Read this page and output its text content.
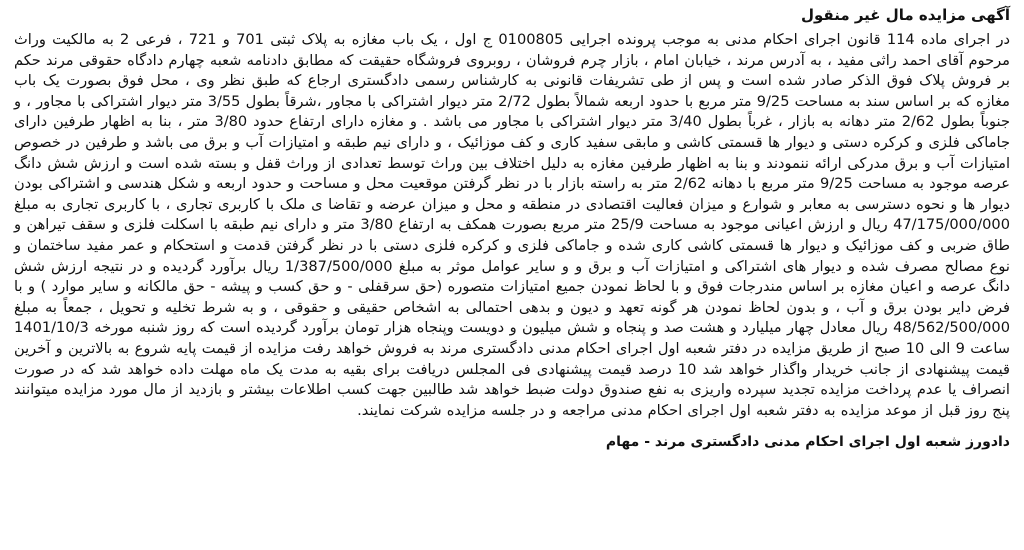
آگهی مزایده مال غیر منقول

در اجرای ماده 114 قانون اجرای احکام مدنی به موجب پرونده اجرایی 0100805 ج اول ، یک باب مغازه به پلاک ثبتی 701 و 721 ، فرعی 2 به مالکیت وراث مرحوم آقای احمد راثی مفید ، به آدرس مرند ، خیابان امام ، بازار چرم فروشان ، روبروی فروشگاه حقیقت که مطابق دادنامه شعبه چهارم دادگاه حقوقی مرند حکم بر فروش پلاک فوق الذکر صادر شده است و پس از طی تشریفات قانونی به کارشناس رسمی دادگستری ارجاع که طبق نظر وی ، محل فوق بصورت یک باب مغازه که بر اساس سند به مساحت 9/25 متر مربع با حدود اربعه شمالاً بطول 2/72 متر دیوار اشتراکی با مجاور ،شرقاً بطول 3/55 متر دیوار اشتراکی با مجاور ، و جنوباً بطول 2/62 متر دهانه به بازار ، غرباً بطول 3/40 متر دیوار اشتراکی با مجاور می باشد . و مغازه دارای ارتفاع حدود 3/80 متر ، بنا به اظهار طرفین دارای جاماکی فلزی و کرکره دستی و دیوار ها قسمتی کاشی و مابقی سفید کاری و کف موزائیک ، و دارای نیم طبقه و امتیازات آب و برق می باشد و طرفین در خصوص امتیازات آب و برق مدرکی ارائه ننمودند و بنا به اظهار طرفین مغازه به دلیل اختلاف بین وراث توسط تعدادی از وراث قفل و بسته شده است و ارزش شش دانگ عرصه موجود به مساحت 9/25 متر مربع با دهانه 2/62 متر به راسته بازار با در نظر گرفتن موقعیت محل و مساحت و حدود اربعه و شکل هندسی و اشتراکی بودن دیوار ها و نحوه دسترسی به معابر و شوارع و میزان فعالیت اقتصادی در منطقه و محل و میزان عرضه و تقاضا ی ملک با کاربری تجاری ، با کاربری تجاری به مبلغ 47/175/000/000 ریال و ارزش اعیانی موجود به مساحت 25/9 متر مربع بصورت همکف به ارتفاع 3/80 متر و دارای نیم طبقه با اسکلت فلزی و سقف تیراهن و طاق ضربی و کف موزائیک و دیوار ها قسمتی کاشی کاری شده و جاماکی فلزی و کرکره فلزی دستی با در نظر گرفتن قدمت و استحکام و عمر مفید ساختمان و نوع مصالح مصرف شده و دیوار های اشتراکی و امتیازات آب و برق و و سایر عوامل موثر به مبلغ 1/387/500/000 ریال برآورد گردیده و در نتیجه ارزش شش دانگ عرصه و اعیان مغازه بر اساس مندرجات فوق و با لحاظ نمودن جمیع امتیازات متصوره (حق سرقفلی - و حق کسب و پیشه - حق مالکانه و سایر موارد ) و با فرض دایر بودن برق و آب ، و بدون لحاظ نمودن هر گونه تعهد و دیون و بدهی احتمالی به اشخاص حقیقی و حقوقی ، و به شرط تخلیه و تحویل ، جمعاً به مبلغ 48/562/500/000 ریال معادل چهار میلیارد و هشت صد و پنجاه و شش میلیون و دویست وپنجاه هزار تومان برآورد گردیده است که روز شنبه مورخه 1401/10/3 ساعت 9 الی 10 صبح از طریق مزایده در دفتر شعبه اول اجرای احکام مدنی دادگستری مرند به فروش خواهد رفت مزایده از قیمت پایه شروع به بالاترین و آخرین قیمت پیشنهادی از جانب خریدار واگذار خواهد شد 10 درصد قیمت پیشنهادی فی المجلس دریافت برای بقیه به مدت یک ماه مهلت داده خواهد شد که در صورت انصراف یا عدم پرداخت مزایده تجدید سپرده واریزی به نفع صندوق دولت ضبط خواهد شد طالبین جهت کسب اطلاعات بیشتر و بازدید از مال مورد مزایده میتوانند پنج روز قبل از موعد مزایده به دفتر شعبه اول اجرای احکام مدنی مراجعه و در جلسه مزایده شرکت نمایند.

دادورز شعبه اول اجرای احکام مدنی دادگستری مرند - مهام
